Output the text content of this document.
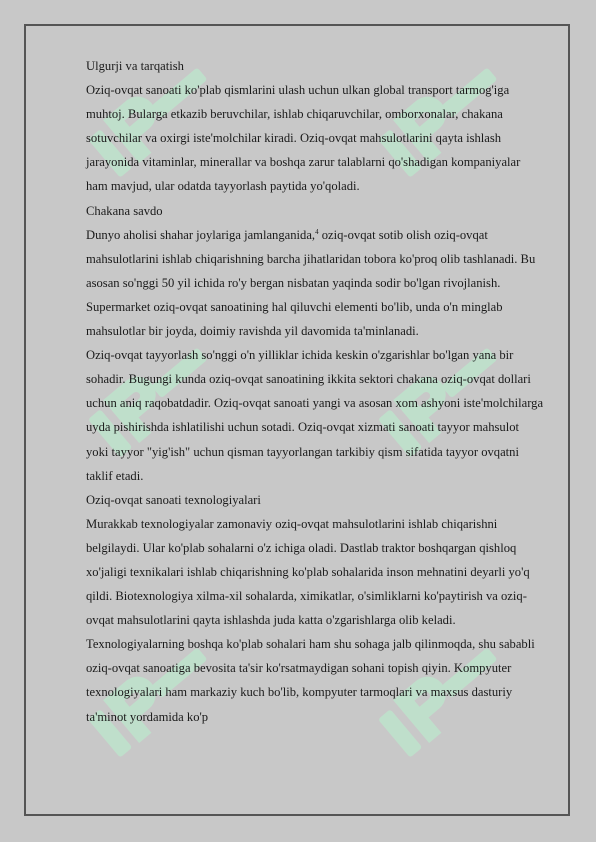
Ulgurji va tarqatish

Oziq-ovqat sanoati ko'plab qismlarini ulash uchun ulkan global transport tarmog'iga muhtoj. Bularga etkazib beruvchilar, ishlab chiqaruvchilar, omborxonalar, chakana sotuvchilar va oxirgi iste'molchilar kiradi. Oziq-ovqat mahsulotlarini qayta ishlash jarayonida vitaminlar, minerallar va boshqa zarur talablarni qo'shadigan kompaniyalar ham mavjud, ular odatda tayyorlash paytida yo'qoladi.

Chakana savdo

Dunyo aholisi shahar joylariga jamlanganida,$^4$ oziq-ovqat sotib olish oziq-ovqat mahsulotlarini ishlab chiqarishning barcha jihatlaridan tobora ko'proq olib tashlanadi. Bu asosan so'nggi 50 yil ichida ro'y bergan nisbatan yaqinda sodir bo'lgan rivojlanish. Supermarket oziq-ovqat sanoatining hal qiluvchi elementi bo'lib, unda o'n minglab mahsulotlar bir joyda, doimiy ravishda yil davomida ta'minlanadi.

Oziq-ovqat tayyorlash so'nggi o'n yilliklar ichida keskin o'zgarishlar bo'lgan yana bir sohadir. Bugungi kunda oziq-ovqat sanoatining ikkita sektori chakana oziq-ovqat dollari uchun aniq raqobatdadir. Oziq-ovqat sanoati yangi va asosan xom ashyoni iste'molchilarga uyda pishirishda ishlatilishi uchun sotadi. Oziq-ovqat xizmati sanoati tayyor mahsulot yoki tayyor "yig'ish" uchun qisman tayyorlangan tarkibiy qism sifatida tayyor ovqatni taklif etadi.

Oziq-ovqat sanoati texnologiyalari

Murakkab texnologiyalar zamonaviy oziq-ovqat mahsulotlarini ishlab chiqarishni belgilaydi. Ular ko'plab sohalarni o'z ichiga oladi. Dastlab traktor boshqargan qishloq xo'jaligi texnikalari ishlab chiqarishning ko'plab sohalarida inson mehnatini deyarli yo'q qildi. Biotexnologiya xilma-xil sohalarda, ximikatlar, o'simliklarni ko'paytirish va oziq-ovqat mahsulotlarini qayta ishlashda juda katta o'zgarishlarga olib keladi. Texnologiyalarning boshqa ko'plab sohalari ham shu sohaga jalb qilinmoqda, shu sababli oziq-ovqat sanoatiga bevosita ta'sir ko'rsatmaydigan sohani topish qiyin. Kompyuter texnologiyalari ham markaziy kuch bo'lib, kompyuter tarmoqlari va maxsus dasturiy ta'minot yordamida ko'p
